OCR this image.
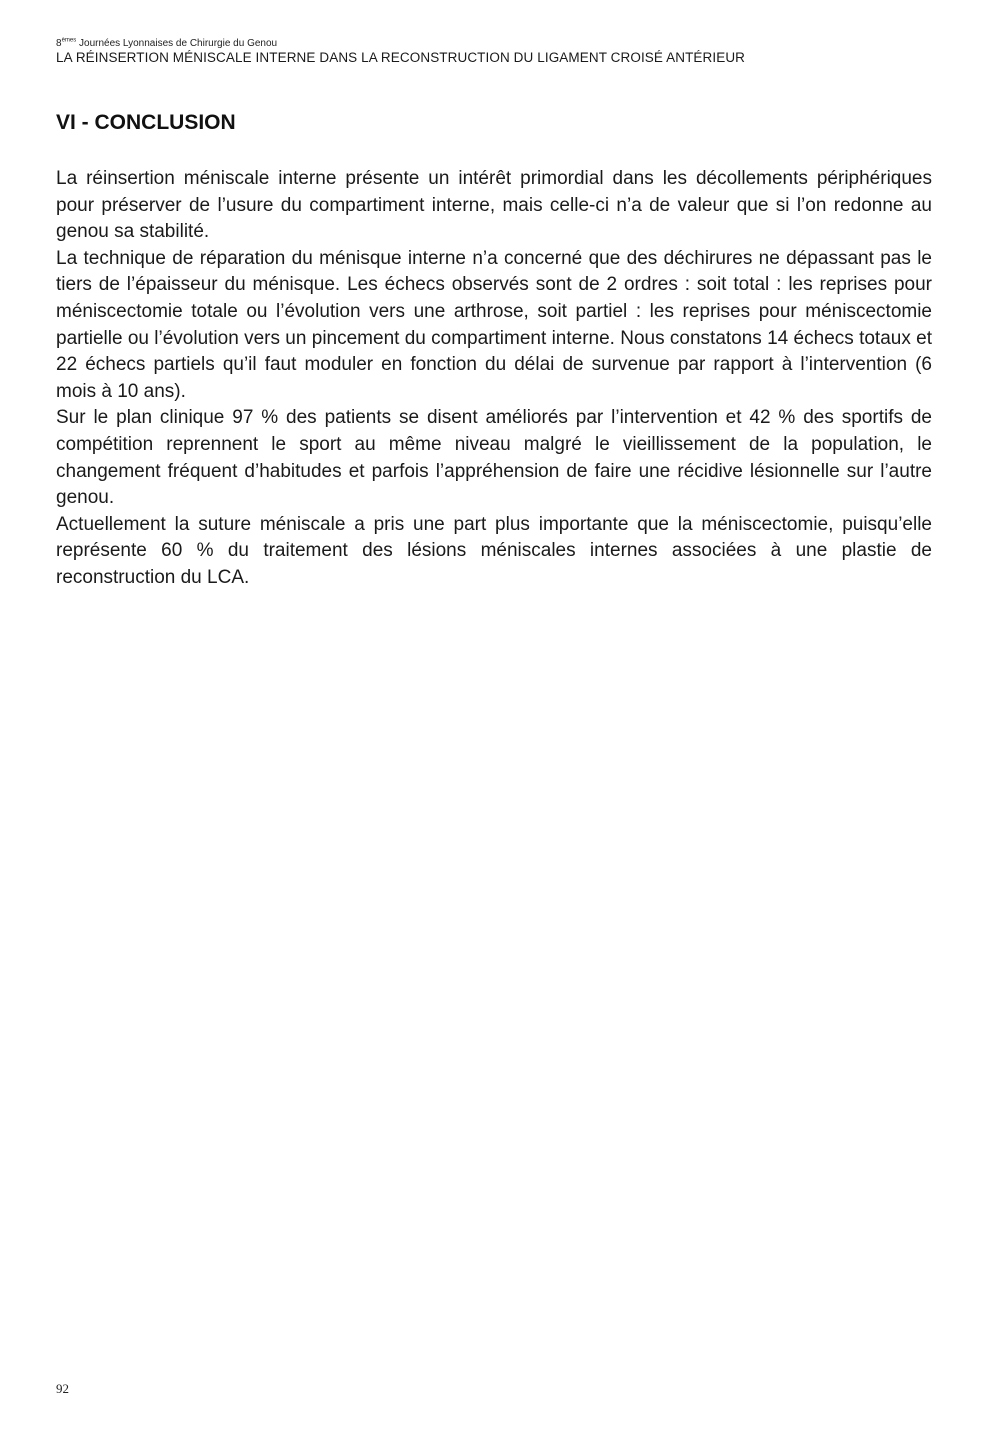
8èmes Journées Lyonnaises de Chirurgie du Genou
LA RÉINSERTION MÉNISCALE INTERNE DANS LA RECONSTRUCTION DU LIGAMENT CROISÉ ANTÉRIEUR
VI - CONCLUSION

La réinsertion méniscale interne présente un intérêt primordial dans les décollements périphériques pour préserver de l’usure du compartiment interne, mais celle-ci n’a de valeur que si l’on redonne au genou sa stabilité.

La technique de réparation du ménisque interne n’a concerné que des déchirures ne dépassant pas le tiers de l’épaisseur du ménisque. Les échecs observés sont de 2 ordres : soit total : les reprises pour méniscectomie totale ou l’évolution vers une arthrose, soit partiel : les reprises pour méniscectomie partielle ou l’évolution vers un pincement du compartiment interne. Nous constatons 14 échecs totaux et 22 échecs partiels qu’il faut moduler en fonction du délai de survenue par rapport à l’intervention (6 mois à 10 ans).

Sur le plan clinique 97 % des patients se disent améliorés par l’intervention et 42 % des sportifs de compétition reprennent le sport au même niveau malgré le vieillissement de la population, le changement fréquent d’habitudes et parfois l’appréhension de faire une récidive lésionnelle sur l’autre genou.

Actuellement la suture méniscale a pris une part plus importante que la méniscectomie, puisqu’elle représente 60 % du traitement des lésions méniscales internes associées à une plastie de reconstruction du LCA.

92
